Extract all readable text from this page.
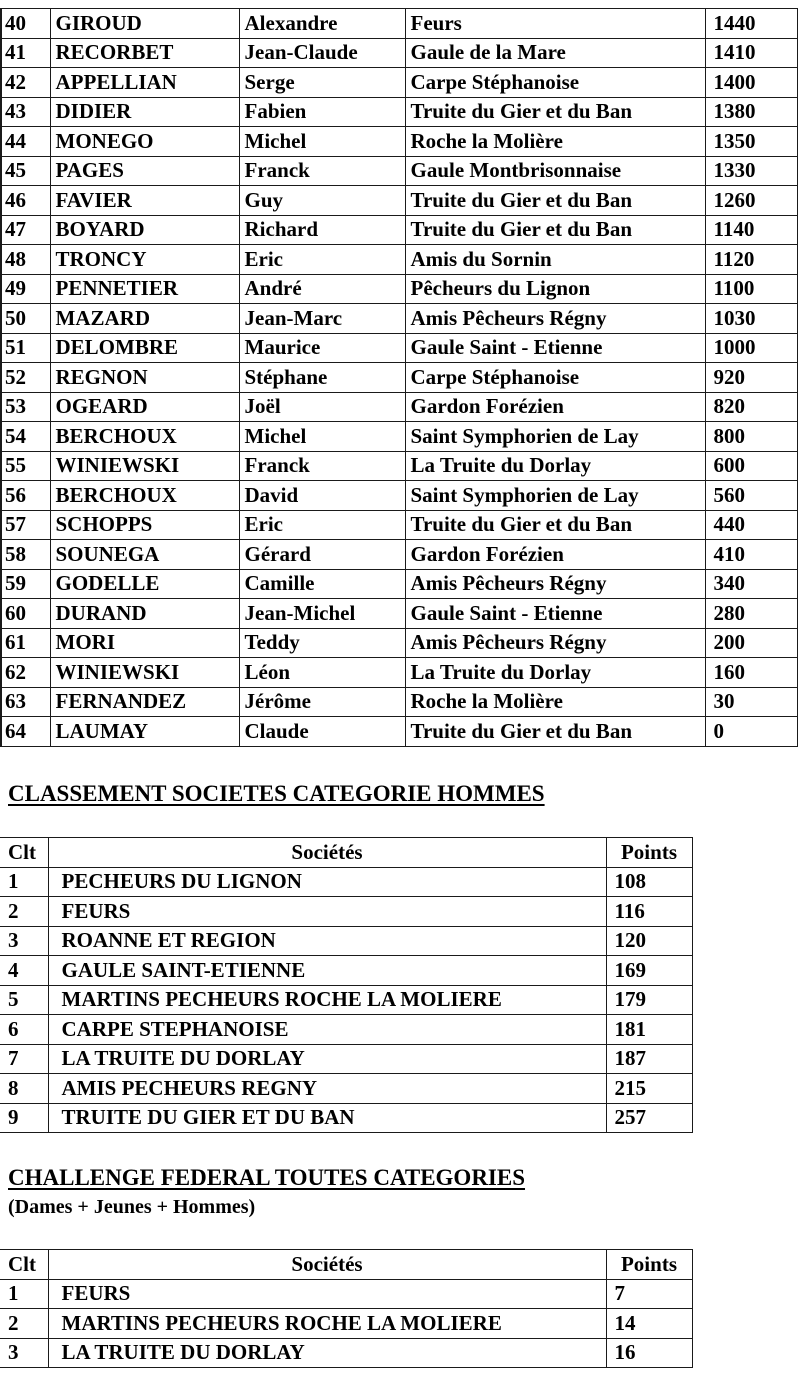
40	GIROUD	Alexandre	Feurs	1440
41	RECORBET	Jean-Claude	Gaule de la Mare	1410
42	APPELLIAN	Serge	Carpe Stéphanoise	1400
43	DIDIER	Fabien	Truite du Gier et du Ban	1380
44	MONEGO	Michel	Roche la Molière	1350
45	PAGES	Franck	Gaule Montbrisonnaise	1330
46	FAVIER	Guy	Truite du Gier et du Ban	1260
47	BOYARD	Richard	Truite du Gier et du Ban	1140
48	TRONCY	Eric	Amis du Sornin	1120
49	PENNETIER	André	Pêcheurs du Lignon	1100
50	MAZARD	Jean-Marc	Amis Pêcheurs Régny	1030
51	DELOMBRE	Maurice	Gaule Saint - Etienne	1000
52	REGNON	Stéphane	Carpe Stéphanoise	920
53	OGEARD	Joël	Gardon Forézien	820
54	BERCHOUX	Michel	Saint Symphorien de Lay	800
55	WINIEWSKI	Franck	La Truite du Dorlay	600
56	BERCHOUX	David	Saint Symphorien de Lay	560
57	SCHOPPS	Eric	Truite du Gier et du Ban	440
58	SOUNEGA	Gérard	Gardon Forézien	410
59	GODELLE	Camille	Amis Pêcheurs Régny	340
60	DURAND	Jean-Michel	Gaule Saint - Etienne	280
61	MORI	Teddy	Amis Pêcheurs Régny	200
62	WINIEWSKI	Léon	La Truite du Dorlay	160
63	FERNANDEZ	Jérôme	Roche la Molière	30
64	LAUMAY	Claude	Truite du Gier et du Ban	0
CLASSEMENT SOCIETES CATEGORIE HOMMES
Clt	Sociétés	Points
1	PECHEURS DU LIGNON	108
2	FEURS	116
3	ROANNE ET REGION	120
4	GAULE SAINT-ETIENNE	169
5	MARTINS PECHEURS ROCHE LA MOLIERE	179
6	CARPE STEPHANOISE	181
7	LA TRUITE DU DORLAY	187
8	AMIS PECHEURS REGNY	215
9	TRUITE DU GIER ET DU BAN	257
CHALLENGE FEDERAL TOUTES CATEGORIES
(Dames + Jeunes + Hommes)
Clt	Sociétés	Points
1	FEURS	7
2	MARTINS PECHEURS ROCHE LA MOLIERE	14
3	LA TRUITE DU DORLAY	16
